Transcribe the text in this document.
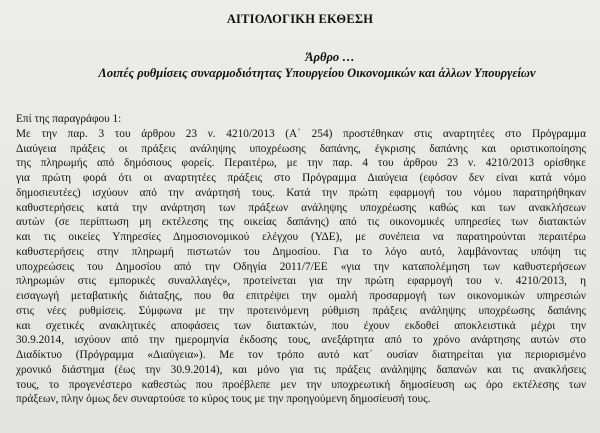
ΑΙΤΙΟΛΟΓΙΚΗ ΕΚΘΕΣΗ
Άρθρο …
Λοιπές ρυθμίσεις συναρμοδιότητας Υπουργείου Οικονομικών και άλλων Υπουργείων
Επί της παραγράφου 1:
Με την παρ. 3 του άρθρου 23 ν. 4210/2013 (Α΄ 254) προστέθηκαν στις αναρτητέες στο Πρόγραμμα
Διαύγεια πράξεις οι πράξεις ανάληψης υποχρέωσης δαπάνης, έγκρισης δαπάνης και οριστικοποίησης
της πληρωμής από δημόσιους φορείς. Περαιτέρω, με την παρ. 4 του άρθρου 23 ν. 4210/2013 ορίσθηκε
για πρώτη φορά ότι οι αναρτητέες πράξεις στο Πρόγραμμα Διαύγεια (εφόσον δεν είναι κατά νόμο
δημοσιευτέες) ισχύουν από την ανάρτησή τους. Κατά την πρώτη εφαρμογή του νόμου παρατηρήθηκαν
καθυστερήσεις κατά την ανάρτηση των πράξεων ανάληψης υποχρέωσης καθώς και των ανακλήσεων
αυτών (σε περίπτωση μη εκτέλεσης της οικείας δαπάνης) από τις οικονομικές υπηρεσίες των διατακτών
και τις οικείες Υπηρεσίες Δημοσιονομικού ελέγχου (ΥΔΕ), με συνέπεια να παρατηρούνται περαιτέρω
καθυστερήσεις στην πληρωμή πιστωτών του Δημοσίου. Για το λόγο αυτό, λαμβάνοντας υπόψη τις
υποχρεώσεις του Δημοσίου από την Οδηγία 2011/7/ΕΕ «για την καταπολέμηση των καθυστερήσεων
πληρωμών στις εμπορικές συναλλαγές», προτείνεται για την πρώτη εφαρμογή του ν. 4210/2013, η
εισαγωγή μεταβατικής διάταξης, που θα επιτρέψει την ομαλή προσαρμογή των οικονομικών υπηρεσιών
στις νέες ρυθμίσεις. Σύμφωνα με την προτεινόμενη ρύθμιση πράξεις ανάληψης υποχρέωσης δαπάνης
και σχετικές ανακλητικές αποφάσεις των διατακτών, που έχουν εκδοθεί αποκλειστικά μέχρι την
30.9.2014, ισχύουν από την ημερομηνία έκδοσης τους, ανεξάρτητα από το χρόνο ανάρτησης αυτών στο
Διαδίκτυο (Πρόγραμμα «Διαύγεια»). Με τον τρόπο αυτό κατ΄ ουσίαν διατηρείται για περιορισμένο
χρονικό διάστημα (έως την 30.9.2014), και μόνο για τις πράξεις ανάληψης δαπανών και τις ανακλήσεις
τους, το προγενέστερο καθεστώς που προέβλεπε μεν την υποχρεωτική δημοσίευση ως όρο εκτέλεσης των
πράξεων, πλην όμως δεν συναρτούσε το κύρος τους με την προηγούμενη δημοσίευσή τους.
